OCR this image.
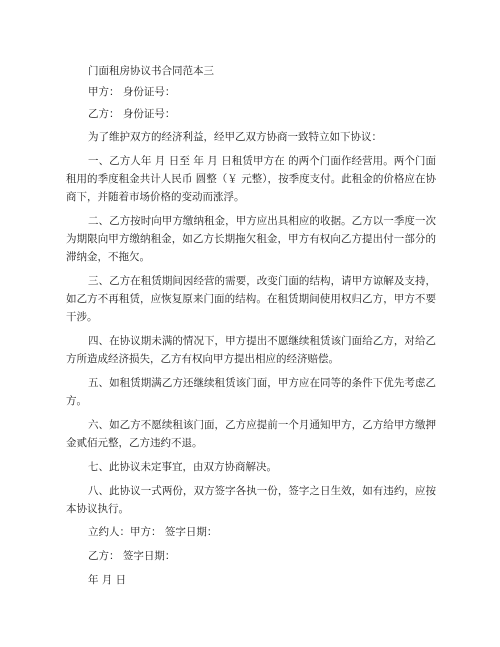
门面租房协议书合同范本三
甲方： 身份证号：
乙方： 身份证号：
为了维护双方的经济利益，经甲乙双方协商一致特立如下协议：
一、乙方人年 月 日至 年 月 日租赁甲方在 的两个门面作经营用。两个门面租用的季度租金共计人民币 圆整（￥ 元整），按季度支付。此租金的价格应在协商下，并随着市场价格的变动而涨浮。
二、乙方按时向甲方缴纳租金，甲方应出具相应的收据。乙方以一季度一次为期限向甲方缴纳租金，如乙方长期拖欠租金，甲方有权向乙方提出付一部分的滞纳金，不拖欠。
三、乙方在租赁期间因经营的需要，改变门面的结构，请甲方谅解及支持，如乙方不再租赁，应恢复原来门面的结构。在租赁期间使用权归乙方，甲方不要干涉。
四、在协议期未满的情况下，甲方提出不愿继续租赁该门面给乙方，对给乙方所造成经济损失，乙方有权向甲方提出相应的经济赔偿。
五、如租赁期满乙方还继续租赁该门面，甲方应在同等的条件下优先考虑乙方。
六、如乙方不愿续租该门面，乙方应提前一个月通知甲方，乙方给甲方缴押金贰佰元整，乙方违约不退。
七、此协议未定事宜，由双方协商解决。
八、此协议一式两份，双方签字各执一份，签字之日生效，如有违约，应按本协议执行。
立约人：甲方： 签字日期：
乙方： 签字日期：
年 月 日
